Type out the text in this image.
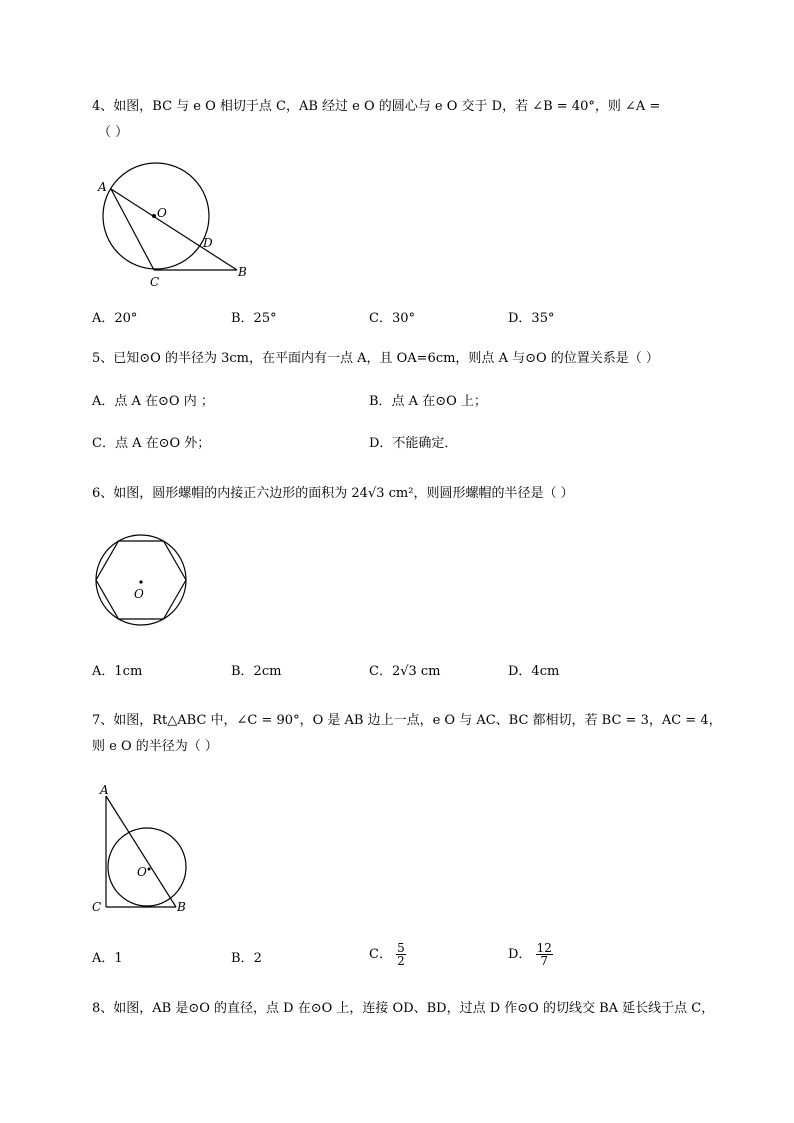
4、如图，BC 与 e O 相切于点 C，AB 经过 e O 的圆心与 e O 交于 D，若 ∠B = 40°，则 ∠A =
（ ）
A
O
D
C
B
A．20°	B．25°	C．30°	D．35°
5、已知⊙O 的半径为 3cm，在平面内有一点 A，且 OA=6cm，则点 A 与⊙O 的位置关系是（ ）
A．点 A 在⊙O 内 ；	B．点 A 在⊙O 上；
C．点 A 在⊙O 外；	D．不能确定．
6、如图，圆形螺帽的内接正六边形的面积为 24√3 cm²，则圆形螺帽的半径是（ ）
O
A．1cm	B．2cm	C．2√3 cm	D．4cm
7、如图，Rt△ABC 中，∠C = 90°，O 是 AB 边上一点，e O 与 AC、BC 都相切，若 BC = 3，AC = 4，
则 e O 的半径为（ ）
A
O
C	B
A．1	B．2	C． $\frac{5}{2}$	D． $\frac{12}{7}$
8、如图，AB 是⊙O 的直径，点 D 在⊙O 上，连接 OD、BD，过点 D 作⊙O 的切线交 BA 延长线于点 C，
